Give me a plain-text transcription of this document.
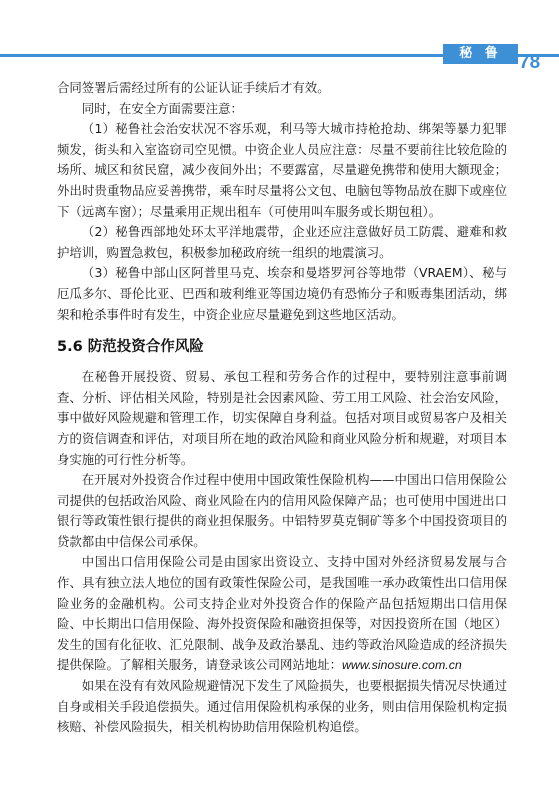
秘 鲁 78

合同签署后需经过所有的公证认证手续后才有效。

同时，在安全方面需要注意：

（1）秘鲁社会治安状况不容乐观，利马等大城市持枪抢劫、绑架等暴力犯罪频发，街头和入室盗窃司空见惯。中资企业人员应注意：尽量不要前往比较危险的场所、城区和贫民窟，减少夜间外出；不要露富，尽量避免携带和使用大额现金；外出时贵重物品应妥善携带，乘车时尽量将公文包、电脑包等物品放在脚下或座位下（远离车窗）；尽量乘用正规出租车（可使用叫车服务或长期包租）。

（2）秘鲁西部地处环太平洋地震带，企业还应注意做好员工防震、避难和救护培训，购置急救包，积极参加秘政府统一组织的地震演习。

（3）秘鲁中部山区阿普里马克、埃奈和曼塔罗河谷等地带（VRAEM）、秘与厄瓜多尔、哥伦比亚、巴西和玻利维亚等国边境仍有恐怖分子和贩毒集团活动，绑架和枪杀事件时有发生，中资企业应尽量避免到这些地区活动。

5.6 防范投资合作风险

在秘鲁开展投资、贸易、承包工程和劳务合作的过程中，要特别注意事前调查、分析、评估相关风险，特别是社会因素风险、劳工用工风险、社会治安风险，事中做好风险规避和管理工作，切实保障自身利益。包括对项目或贸易客户及相关方的资信调查和评估，对项目所在地的政治风险和商业风险分析和规避，对项目本身实施的可行性分析等。

在开展对外投资合作过程中使用中国政策性保险机构——中国出口信用保险公司提供的包括政治风险、商业风险在内的信用风险保障产品；也可使用中国进出口银行等政策性银行提供的商业担保服务。中铝特罗莫克铜矿等多个中国投资项目的贷款都由中信保公司承保。

中国出口信用保险公司是由国家出资设立、支持中国对外经济贸易发展与合作、具有独立法人地位的国有政策性保险公司，是我国唯一承办政策性出口信用保险业务的金融机构。公司支持企业对外投资合作的保险产品包括短期出口信用保险、中长期出口信用保险、海外投资保险和融资担保等，对因投资所在国（地区）发生的国有化征收、汇兑限制、战争及政治暴乱、违约等政治风险造成的经济损失提供保险。了解相关服务，请登录该公司网站地址：www.sinosure.com.cn

如果在没有有效风险规避情况下发生了风险损失，也要根据损失情况尽快通过自身或相关手段追偿损失。通过信用保险机构承保的业务，则由信用保险机构定损核赔、补偿风险损失，相关机构协助信用保险机构追偿。
